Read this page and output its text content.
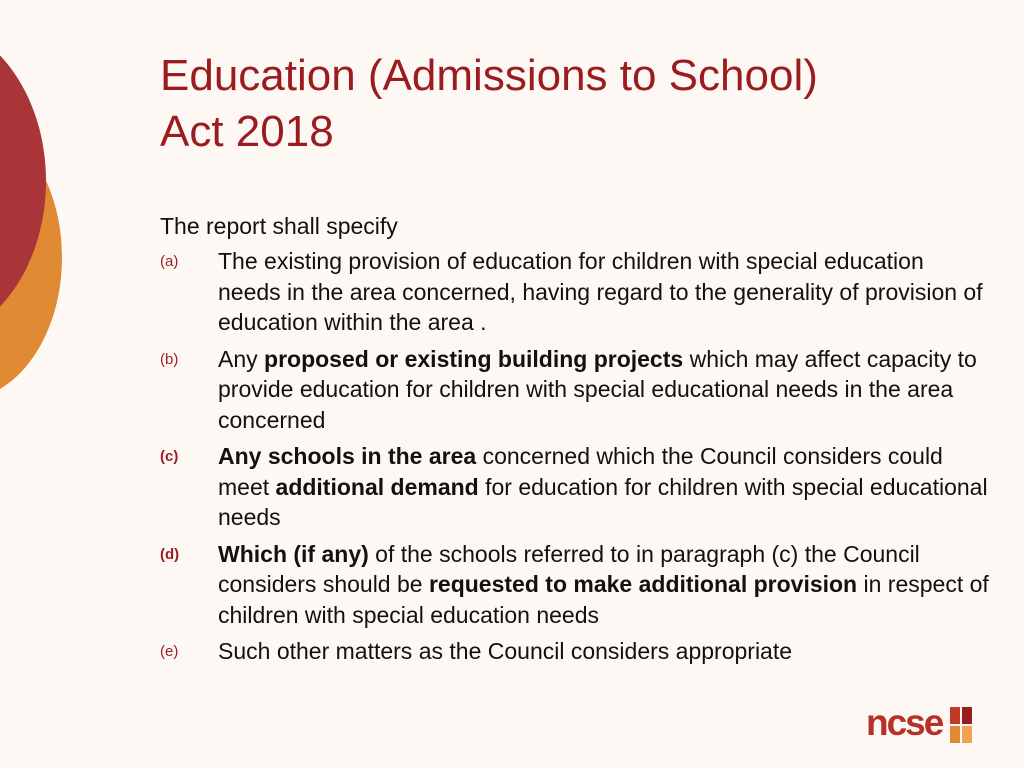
Education (Admissions to School)
Act 2018
The report shall specify
(a)	The existing provision of education for children with special education needs in the area concerned, having regard to the generality of provision of education within the area .
(b)	Any proposed or existing building projects which may affect capacity to provide education for children with special educational needs in the area concerned
(c)	Any schools in the area concerned which the Council considers could meet additional demand for education for children with special educational needs
(d)	Which (if any) of the schools referred to in paragraph (c) the Council considers should be requested to make additional provision in respect of children with special education needs
(e)	Such other matters as the Council considers appropriate
ncse
